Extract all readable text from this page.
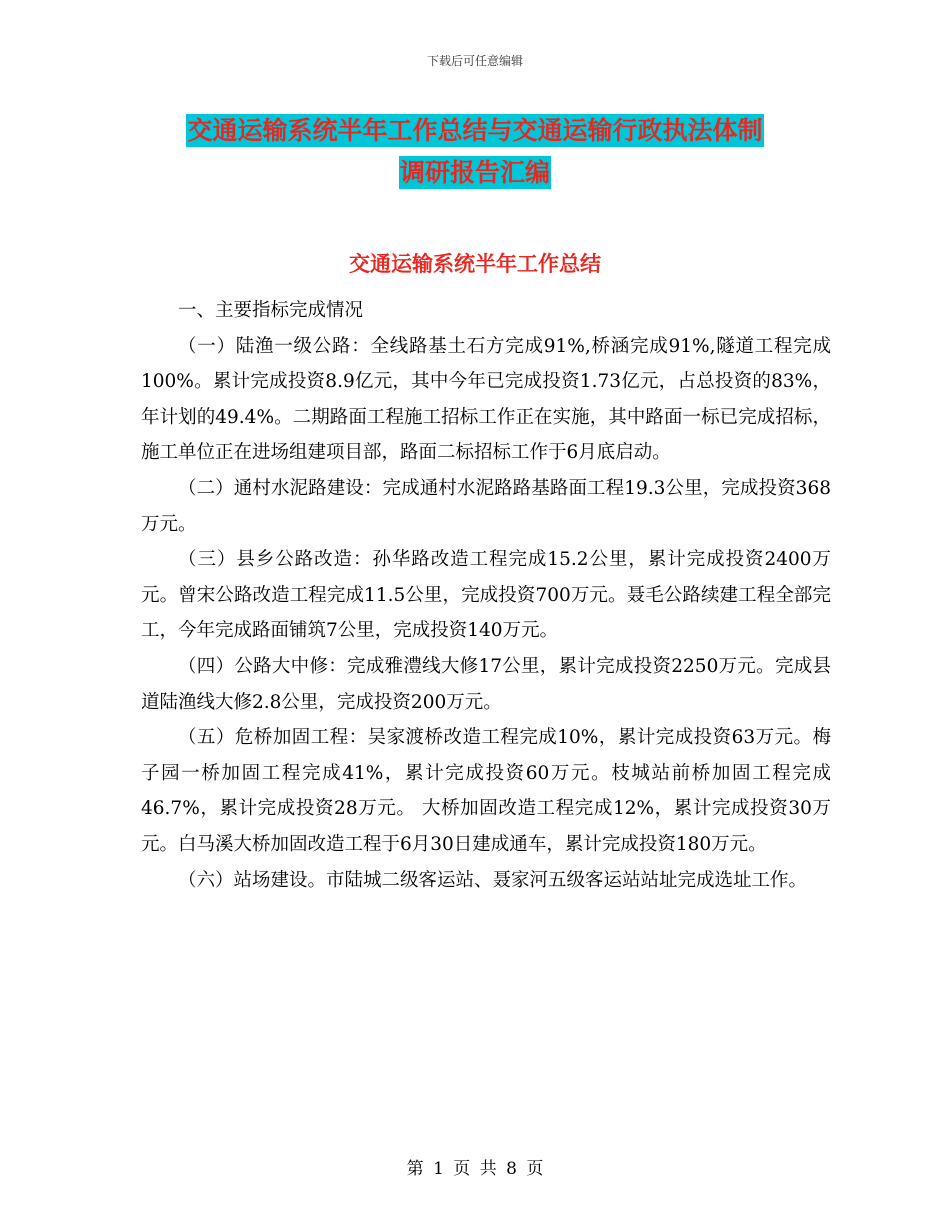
下载后可任意编辑
交通运输系统半年工作总结与交通运输行政执法体制
调研报告汇编
交通运输系统半年工作总结

一、主要指标完成情况

（一）陆渔一级公路：全线路基土石方完成91%,桥涵完成91%,隧道工程完成100%。累计完成投资8.9亿元，其中今年已完成投资1.73亿元，占总投资的83%，年计划的49.4%。二期路面工程施工招标工作正在实施，其中路面一标已完成招标，施工单位正在进场组建项目部，路面二标招标工作于6月底启动。

（二）通村水泥路建设：完成通村水泥路路基路面工程19.3公里，完成投资368万元。

（三）县乡公路改造：孙华路改造工程完成15.2公里，累计完成投资2400万元。曾宋公路改造工程完成11.5公里，完成投资700万元。聂毛公路续建工程全部完工，今年完成路面铺筑7公里，完成投资140万元。

（四）公路大中修：完成雅澧线大修17公里，累计完成投资2250万元。完成县道陆渔线大修2.8公里，完成投资200万元。

（五）危桥加固工程：吴家渡桥改造工程完成10%，累计完成投资63万元。梅子园一桥加固工程完成41%，累计完成投资60万元。枝城站前桥加固工程完成46.7%，累计完成投资28万元。 大桥加固改造工程完成12%，累计完成投资30万元。白马溪大桥加固改造工程于6月30日建成通车，累计完成投资180万元。

（六）站场建设。市陆城二级客运站、聂家河五级客运站站址完成选址工作。

第 1 页 共 8 页
